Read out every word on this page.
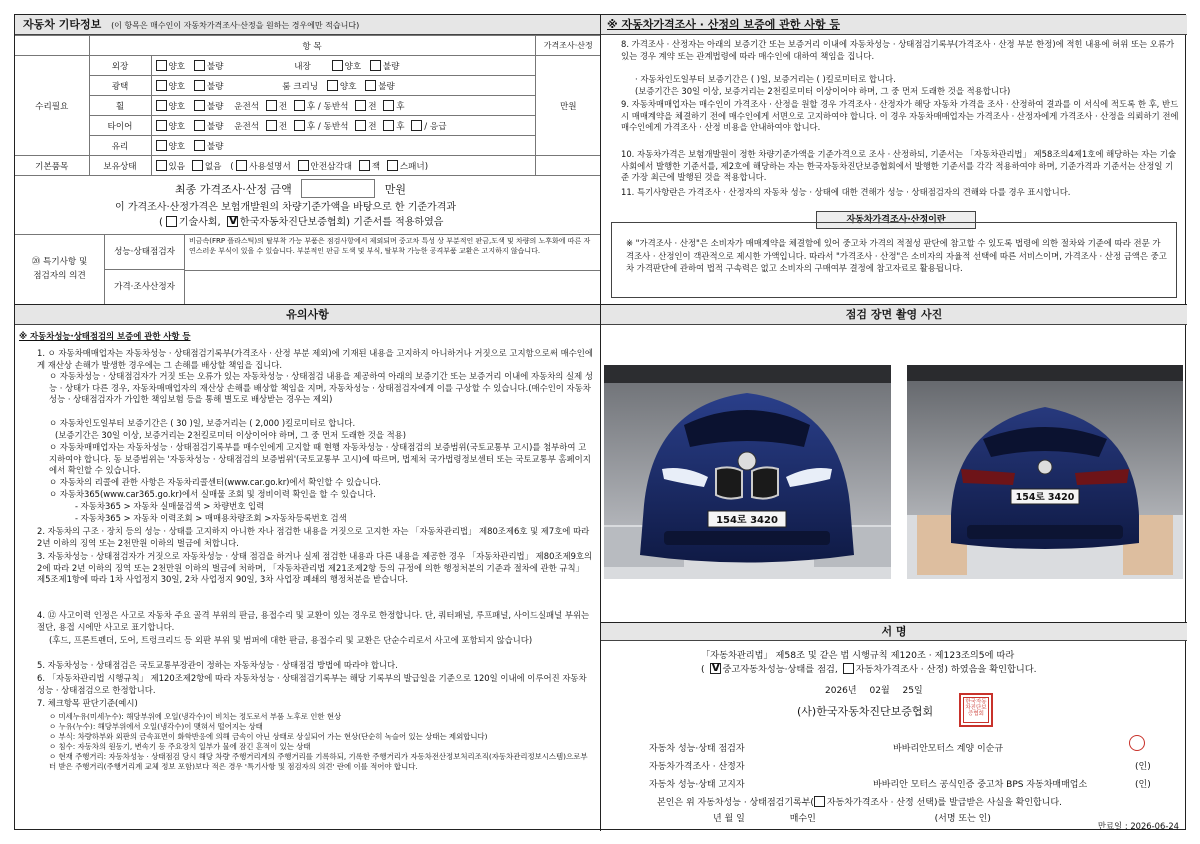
자동차 기타정보 (이 항목은 매수인이 자동차가격조사·산정을 원하는 경우에만 적습니다)
	항 목		가격조사·산정
수리필요	외장	양호 불량 내장 양호 불량	만원
	광택	양호 불량 룸 크리닝 양호 불량	
	휠	양호 불량 운전석 전 후 / 동반석 전 후	
	타이어	양호 불량 운전석 전 후 / 동반석 전 후 / 응급	
	유리	양호 불량	
기본품목	보유상태	있음 없음 ( 사용설명서 안전삼각대 잭 스패너)	
최종 가격조사·산정 금액	만원
이 가격조사·산정가격은 보험개발원의 차량기준가액을 바탕으로 한 기준가격과
( 기술사회, V 한국자동차진단보증협회) 기준서를 적용하였음
⑳ 특기사항 및
점검자의 의견
성능·상태점검자
비금속(FRP 플라스틱)의 탈부착 가능 부품은 점검사항에서 제외되며 중고차 특성 상 부분적인 판금,도색 및 차량의 노후화에 따른 자연스러운 부식이 있을 수 있습니다. 부분적인 판금 도색 및 부식, 탈부착 가능한 공격부품 교환은 고지하지 않습니다.
가격·조사산정자
※ 자동차가격조사 · 산정의 보증에 관한 사항 등
8. 가격조사 · 산정자는 아래의 보증기간 또는 보증거리 이내에 자동차성능 · 상태점검기록부(가격조사 · 산정 부분 한정)에 적힌 내용에 허위 또는 오류가 있는 경우 계약 또는 관계법령에 따라 매수인에 대하여 책임을 집니다.
· 자동차인도일부터 보증기간은 ( )일, 보증거리는 ( )킬로미터로 합니다.
(보증기간은 30일 이상, 보증거리는 2천킬로미터 이상이어야 하며, 그 중 먼저 도래한 것을 적용합니다)
9. 자동차매매업자는 매수인이 가격조사 · 산정을 원할 경우 가격조사 · 산정자가 해당 자동차 가격을 조사 · 산정하여 결과를 이 서식에 적도록 한 후, 반드시 매매계약을 체결하기 전에 매수인에게 서면으로 고지하여야 합니다. 이 경우 자동차매매업자는 가격조사 · 산정자에게 가격조사 · 산정을 의뢰하기 전에 매수인에게 가격조사 · 산정 비용을 안내하여야 합니다.
10. 자동차가격은 보험개발원이 정한 차량기준가액을 기준가격으로 조사 · 산정하되, 기준서는 「자동차관리법」 제58조의4제1호에 해당하는 자는 기술사회에서 발행한 기준서를, 제2호에 해당하는 자는 한국자동차진단보증협회에서 발행한 기준서를 각각 적용하여야 하며, 기준가격과 기준서는 산정일 기준 가장 최근에 발행된 것을 적용합니다.
11. 특기사항란은 가격조사 · 산정자의 자동차 성능 · 상태에 대한 견해가 성능 · 상태점검자의 견해와 다를 경우 표시합니다.
자동차가격조사·산정이란
※ "가격조사 · 산정"은 소비자가 매매계약을 체결함에 있어 중고차 가격의 적절성 판단에 참고할 수 있도록 법령에 의한 절차와 기준에 따라 전문 가격조사 · 산정인이 객관적으로 제시한 가액입니다. 따라서 "가격조사 · 산정"은 소비자의 자율적 선택에 따른 서비스이며, 가격조사 · 산정 금액은 중고차 가격판단에 관하여 법적 구속력은 없고 소비자의 구매여부 결정에 참고자료로 활용됩니다.
유의사항
※ 자동차성능·상태점검의 보증에 관한 사항 등
1. ㅇ 자동차매매업자는 자동차성능 · 상태점검기록부(가격조사 · 산정 부분 제외)에 기재된 내용을 고지하지 아니하거나 거짓으로 고지함으로써 매수인에게 재산상 손해가 발생한 경우에는 그 손해를 배상할 책임을 집니다.
ㅇ 자동차성능 · 상태점검자가 거짓 또는 오류가 있는 자동차성능 · 상태점검 내용을 제공하여 아래의 보증기간 또는 보증거리 이내에 자동차의 실제 성능 · 상태가 다른 경우, 자동차매매업자의 재산상 손해를 배상할 책임을 지며, 자동차성능 · 상태점검자에게 이를 구상할 수 있습니다.(매수인이 자동차성능 · 상태점검자가 가입한 책임보험 등을 통해 별도로 배상받는 경우는 제외)
ㅇ 자동차인도일부터 보증기간은 ( 30 )일, 보증거리는 ( 2,000 )킬로미터로 합니다.
(보증기간은 30일 이상, 보증거리는 2천킬로미터 이상이어야 하며, 그 중 먼저 도래한 것을 적용)
ㅇ 자동차매매업자는 자동차성능 · 상태점검기록부를 매수인에게 고지할 때 현행 자동차성능 · 상태점검의 보증범위(국토교통부 고시)를 첨부하여 고지하여야 합니다. 동 보증범위는 '자동차성능 · 상태점검의 보증범위'(국토교통부 고시)에 따르며, 법제처 국가법령정보센터 또는 국토교통부 홈페이지에서 확인할 수 있습니다.
ㅇ 자동차의 리콜에 관한 사항은 자동차리콜센터(www.car.go.kr)에서 확인할 수 있습니다.
ㅇ 자동차365(www.car365.go.kr)에서 실매물 조회 및 정비이력 확인을 할 수 있습니다.
- 자동차365 > 자동차 실매물검색 > 차량번호 입력
- 자동차365 > 자동차 이력조회 > 매매용차량조회 >자동차등록번호 검색
2. 자동차의 구조 · 장치 등의 성능 · 상태를 고지하지 아니한 자나 점검한 내용을 거짓으로 고지한 자는 「자동차관리법」 제80조제6호 및 제7호에 따라 2년 이하의 징역 또는 2천만원 이하의 벌금에 처합니다.
3. 자동차성능 · 상태점검자가 거짓으로 자동차성능 · 상태 점검을 하거나 실제 점검한 내용과 다른 내용을 제공한 경우 「자동차관리법」 제80조제9호의2에 따라 2년 이하의 징역 또는 2천만원 이하의 벌금에 처하며, 「자동차관리법 제21조제2항 등의 규정에 의한 행정처분의 기준과 절차에 관한 규칙」 제5조제1항에 따라 1차 사업정지 30일, 2차 사업정지 90일, 3차 사업장 폐쇄의 행정처분을 받습니다.
4. ⑫ 사고이력 인정은 사고로 자동차 주요 골격 부위의 판금, 용접수리 및 교환이 있는 경우로 한정합니다. 단, 쿼터패널, 루프패널, 사이드실패널 부위는 절단, 용접 시에만 사고로 표기합니다.
(후드, 프론트펜더, 도어, 트렁크리드 등 외판 부위 및 범퍼에 대한 판금, 용접수리 및 교환은 단순수리로서 사고에 포함되지 않습니다)
5. 자동차성능 · 상태점검은 국토교통부장관이 정하는 자동차성능 · 상태점검 방법에 따라야 합니다.
6. 「자동차관리법 시행규칙」 제120조제2항에 따라 자동차성능 · 상태점검기록부는 해당 기록부의 발급일을 기준으로 120일 이내에 이루어진 자동차 성능 · 상태점검으로 한정합니다.
7. 체크항목 판단기준(예시)
ㅇ 미세누유(미세누수): 해당부위에 오일(냉각수)이 비치는 정도로서 부품 노후로 인한 현상
ㅇ 누유(누수): 해당부위에서 오일(냉각수)이 맺혀서 떨어지는 상태
ㅇ 부식: 차량하부와 외판의 금속표면이 화학반응에 의해 금속이 아닌 상태로 상실되어 가는 현상(단순히 녹슬어 있는 상태는 제외합니다)
ㅇ 침수: 자동차의 원동기, 변속기 등 주요장치 일부가 물에 잠긴 흔적이 있는 상태
ㅇ 현재 주행거리: 자동차성능 · 상태점검 당시 해당 차량 주행거리계의 주행거리를 기록하되, 기록한 주행거리가 자동차전산정보처리조직(자동차관리정보시스템)으로부터 받은 주행거리(주행거리계 교체 정보 포함)보다 적은 경우 '특기사항 및 점검자의 의견' 란에 이를 적어야 합니다.
점검 장면 촬영 사진
154로 3420
154로 3420
서 명
「자동차관리법」 제58조 및 같은 법 시행규칙 제120조 · 제123조의5에 따라
( V 중고자동차성능·상태를 점검, 자동차가격조사 · 산정) 하였음을 확인합니다.
2026년 02월 25일
(사)한국자동차진단보증협회
한국자동차진단보증협회
자동차 성능·상태 점검자	바바리안모터스 계양 이순규
자동차가격조사 · 산정자	(인)
자동차 성능·상태 고지자	바바리안 모터스 공식인증 중고차 BPS 자동차매매업소	(인)
본인은 위 자동차성능 · 상태점검기록부( 자동차가격조사 · 산정 선택)를 발급받은 사실을 확인합니다.
년 월 일	매수인	(서명 또는 인)
만료일 : 2026-06-24
